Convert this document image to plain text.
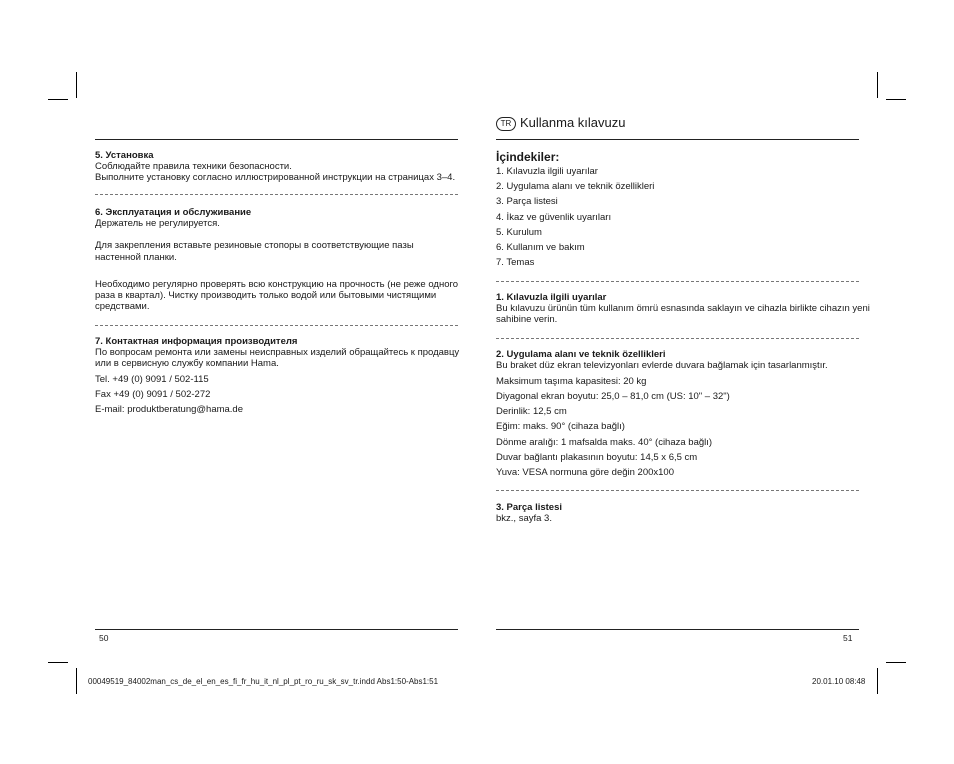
5. Установка
Соблюдайте правила техники безопасности.
Выполните установку согласно иллюстрированной инструкции на страницах 3–4.
6. Эксплуатация и обслуживание
Держатель не регулируется.
Для закрепления вставьте резиновые стопоры в соответствующие пазы
настенной планки.
Необходимо регулярно проверять всю конструкцию на прочность (не реже одного
раза в квартал). Чистку производить только водой или бытовыми чистящими
средствами.
7. Контактная информация производителя
По вопросам ремонта или замены неисправных изделий обращайтесь к продавцу
или в сервисную службу компании Hama.
Tel. +49 (0) 9091 / 502-115
Fax +49 (0) 9091 / 502-272
E-mail: produktberatung@hama.de
50
TR Kullanma kılavuzu
İçindekiler:
1. Kılavuzla ilgili uyarılar
2. Uygulama alanı ve teknik özellikleri
3. Parça listesi
4. İkaz ve güvenlik uyarıları
5. Kurulum
6. Kullanım ve bakım
7. Temas
1. Kılavuzla ilgili uyarılar
Bu kılavuzu ürünün tüm kullanım ömrü esnasında saklayın ve cihazla birlikte cihazın yeni
sahibine verin.
2. Uygulama alanı ve teknik özellikleri
Bu braket düz ekran televizyonları evlerde duvara bağlamak için tasarlanmıştır.
Maksimum taşıma kapasitesi: 20 kg
Diyagonal ekran boyutu: 25,0 – 81,0 cm (US: 10" – 32")
Derinlik: 12,5 cm
Eğim: maks. 90° (cihaza bağlı)
Dönme aralığı: 1 mafsalda maks. 40° (cihaza bağlı)
Duvar bağlantı plakasının boyutu: 14,5 x 6,5 cm
Yuva: VESA normuna göre değin 200x100
3. Parça listesi
bkz., sayfa 3.
51
00049519_84002man_cs_de_el_en_es_fi_fr_hu_it_nl_pl_pt_ro_ru_sk_sv_tr.indd Abs1:50-Abs1:51	20.01.10 08:48
